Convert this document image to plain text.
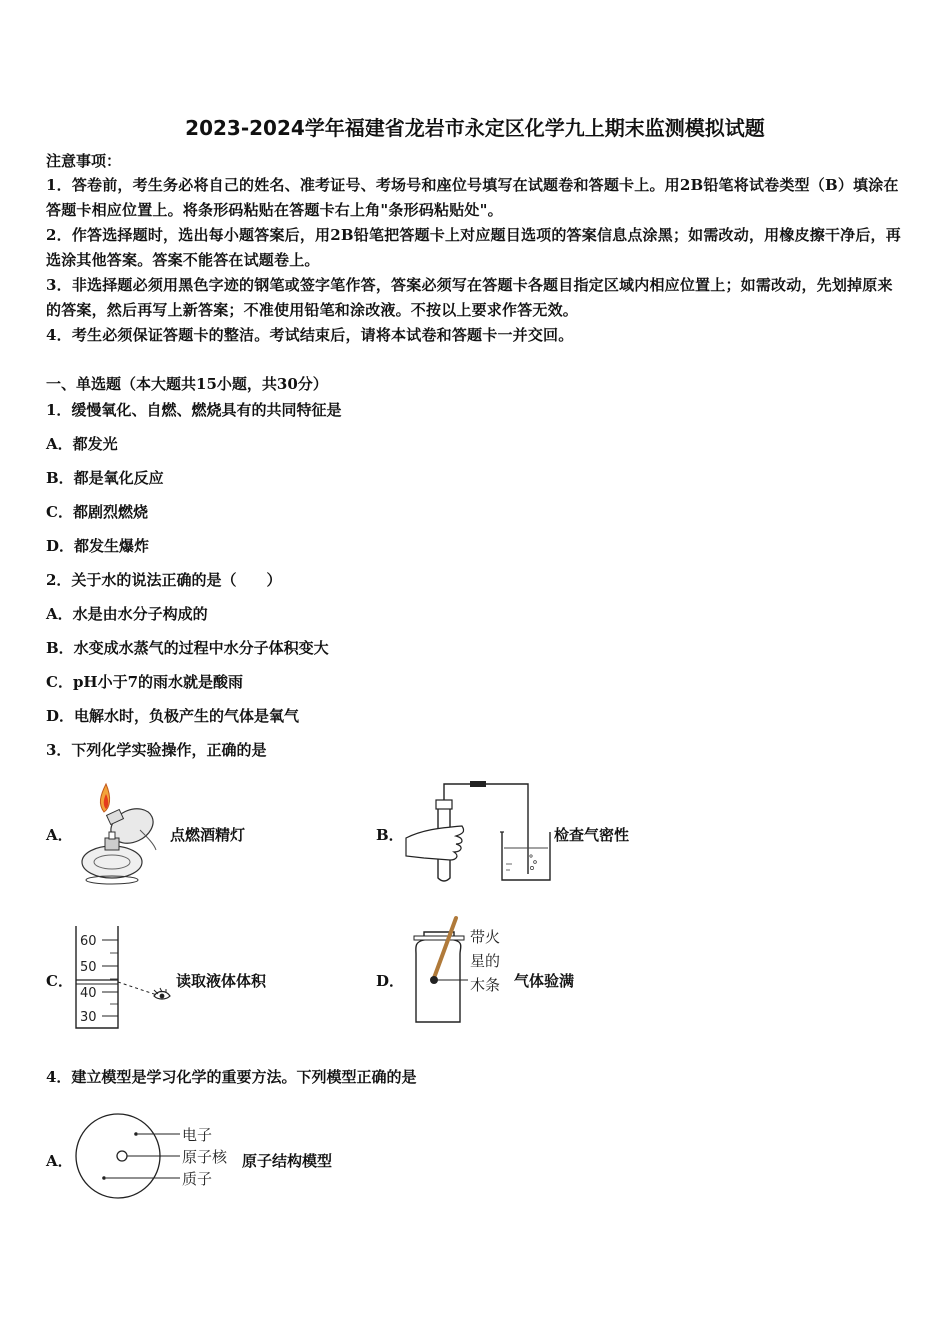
2023-2024学年福建省龙岩市永定区化学九上期末监测模拟试题
注意事项：
1．答卷前，考生务必将自己的姓名、准考证号、考场号和座位号填写在试题卷和答题卡上。用2B铅笔将试卷类型（B）填涂在答题卡相应位置上。将条形码粘贴在答题卡右上角"条形码粘贴处"。
2．作答选择题时，选出每小题答案后，用2B铅笔把答题卡上对应题目选项的答案信息点涂黑；如需改动，用橡皮擦干净后，再选涂其他答案。答案不能答在试题卷上。
3．非选择题必须用黑色字迹的钢笔或签字笔作答，答案必须写在答题卡各题目指定区域内相应位置上；如需改动，先划掉原来的答案，然后再写上新答案；不准使用铅笔和涂改液。不按以上要求作答无效。
4．考生必须保证答题卡的整洁。考试结束后，请将本试卷和答题卡一并交回。
一、单选题（本大题共15小题，共30分）
1．缓慢氧化、自燃、燃烧具有的共同特征是
A．都发光
B．都是氧化反应
C．都剧烈燃烧
D．都发生爆炸
2．关于水的说法正确的是（　　）
A．水是由水分子构成的
B．水变成水蒸气的过程中水分子体积变大
C．pH小于7的雨水就是酸雨
D．电解水时，负极产生的气体是氧气
3．下列化学实验操作，正确的是
A．	点燃酒精灯	B．	检查气密性
C．
60
50
40
30
读取液体体积	D．
带火
星的
木条 气体验满
4．建立模型是学习化学的重要方法。下列模型正确的是
A．
电子
原子核
质子
原子结构模型
